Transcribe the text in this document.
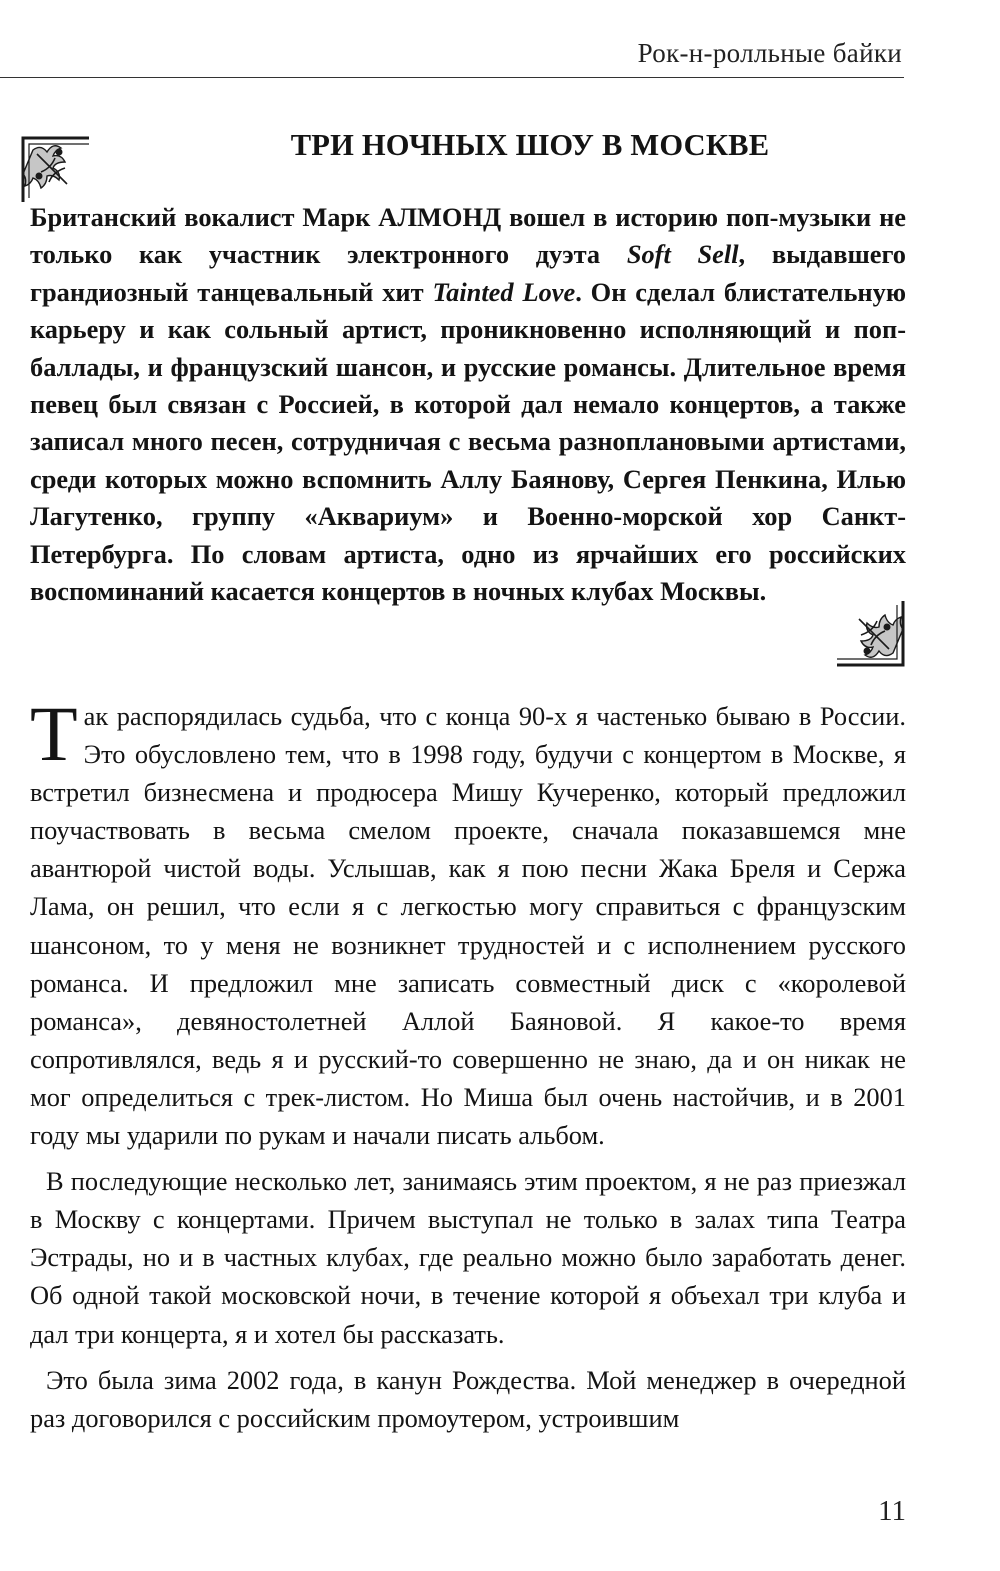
Рок-н-ролльные байки
ТРИ НОЧНЫХ ШОУ В МОСКВЕ

Британский вокалист Марк АЛМОНД вошел в историю поп-музыки не только как участник электронного дуэта Soft Sell, выдавшего грандиозный танцевальный хит Tainted Love. Он сделал блистательную карьеру и как сольный артист, проникновенно исполняющий и поп-баллады, и французский шансон, и русские романсы. Длительное время певец был связан с Россией, в которой дал немало концертов, а также записал много песен, сотрудничая с весьма разноплановыми артистами, среди которых можно вспомнить Аллу Баянову, Сергея Пенкина, Илью Лагутенко, группу «Аквариум» и Военно-морской хор Санкт-Петербурга. По словам артиста, одно из ярчайших его российских воспоминаний касается концертов в ночных клубах Москвы.

Так распорядилась судьба, что с конца 90-х я частенько бываю в России. Это обусловлено тем, что в 1998 году, будучи с концертом в Москве, я встретил бизнесмена и продюсера Мишу Кучеренко, который предложил поучаствовать в весьма смелом проекте, сначала показавшемся мне авантюрой чистой воды. Услышав, как я пою песни Жака Бреля и Сержа Лама, он решил, что если я с легкостью могу справиться с французским шансоном, то у меня не возникнет трудностей и с исполнением русского романса. И предложил мне записать совместный диск с «королевой романса», девяностолетней Аллой Баяновой. Я какое-то время сопротивлялся, ведь я и русский-то совершенно не знаю, да и он никак не мог определиться с трек-листом. Но Миша был очень настойчив, и в 2001 году мы ударили по рукам и начали писать альбом.

В последующие несколько лет, занимаясь этим проектом, я не раз приезжал в Москву с концертами. Причем выступал не только в залах типа Театра Эстрады, но и в частных клубах, где реально можно было заработать денег. Об одной такой московской ночи, в течение которой я объехал три клуба и дал три концерта, я и хотел бы рассказать.

Это была зима 2002 года, в канун Рождества. Мой менеджер в очередной раз договорился с российским промоутером, устроившим

11
